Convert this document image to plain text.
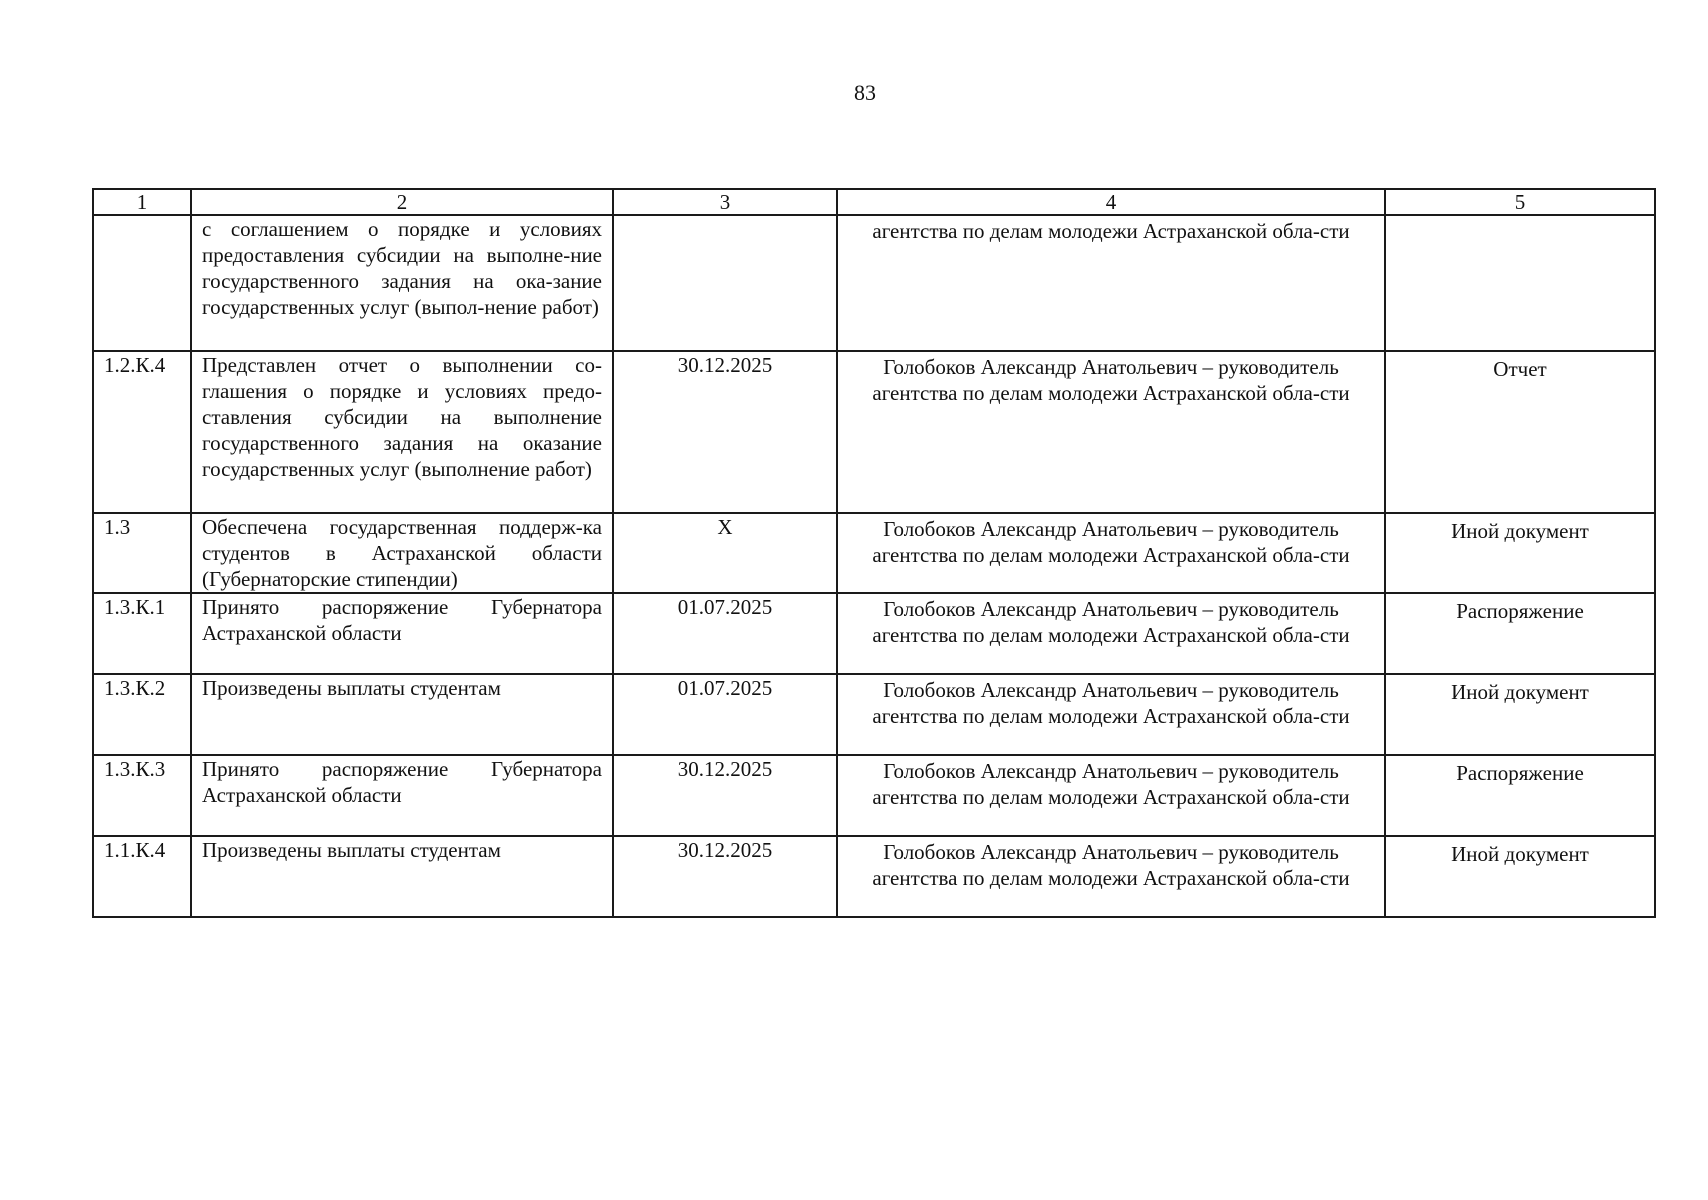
83
1	2	3	4	5
	с соглашением о порядке и условиях предоставления субсидии на выполне-ние государственного задания на ока-зание государственных услуг (выпол-нение работ)		агентства по делам молодежи Астраханской обла-сти	
1.2.К.4	Представлен отчет о выполнении со-глашения о порядке и условиях предо-ставления субсидии на выполнение государственного задания на оказание государственных услуг (выполнение работ)	30.12.2025	Голобоков Александр Анатольевич – руководитель агентства по делам молодежи Астраханской обла-сти	Отчет
1.3	Обеспечена государственная поддерж-ка студентов в Астраханской области (Губернаторские стипендии)	Х	Голобоков Александр Анатольевич – руководитель агентства по делам молодежи Астраханской обла-сти	Иной документ
1.3.К.1	Принято распоряжение Губернатора Астраханской области	01.07.2025	Голобоков Александр Анатольевич – руководитель агентства по делам молодежи Астраханской обла-сти	Распоряжение
1.3.К.2	Произведены выплаты студентам	01.07.2025	Голобоков Александр Анатольевич – руководитель агентства по делам молодежи Астраханской обла-сти	Иной документ
1.3.К.3	Принято распоряжение Губернатора Астраханской области	30.12.2025	Голобоков Александр Анатольевич – руководитель агентства по делам молодежи Астраханской обла-сти	Распоряжение
1.1.К.4	Произведены выплаты студентам	30.12.2025	Голобоков Александр Анатольевич – руководитель агентства по делам молодежи Астраханской обла-сти	Иной документ
